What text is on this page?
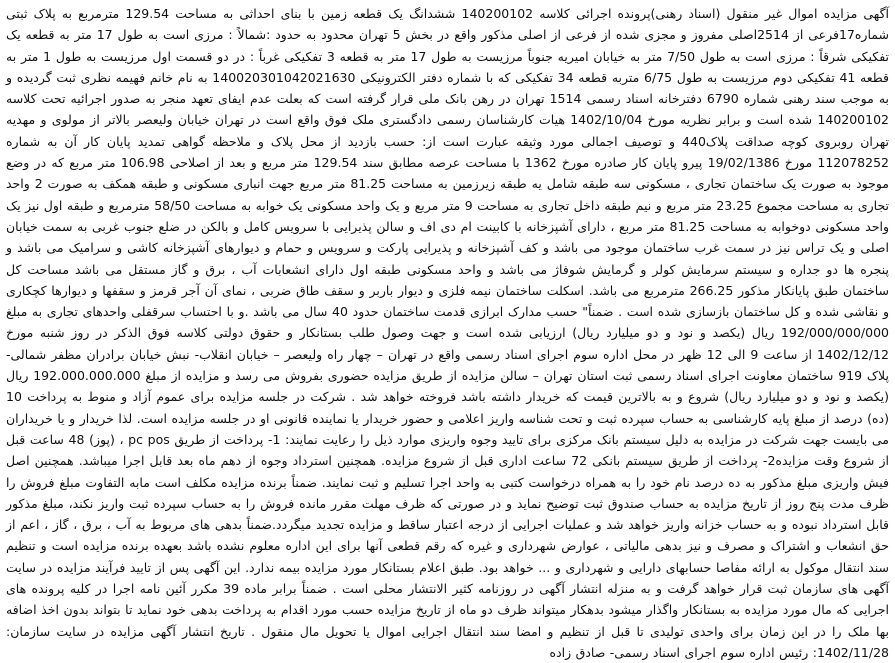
آگهی مزایده اموال غیر منقول (اسناد رهنی)پرونده اجرائی کلاسه 140200102 ششدانگ یک قطعه زمین با بنای احداثی به مساحت 129.54 مترمربع به پلاک ثبتی شماره17فرعی از 2514اصلی مفروز و مجزی شده از فرعی از اصلی مذکور واقع در بخش 5 تهران محدود به حدود :شمالاً : مرزی است به طول 17 متر به قطعه یک تفکیکی شرقاً : مرزی است به طول 7/50 متر به خیابان امیریه جنوباً مرزیست به طول 17 متر به قطعه 3 تفکیکی غرباً : در دو قسمت اول مرزیست به طول 1 متر به قطعه 41 تفکیکی دوم مرزیست به طول 6/75 متربه قطعه 34 تفکیکی که با شماره دفتر الکترونیکی 140020301042021630 به نام خانم فهیمه نظری ثبت گردیده و به موجب سند رهنی شماره 6790 دفترخانه اسناد رسمی 1514 تهران در رهن بانک ملی قرار گرفته است که بعلت عدم ایفای تعهد منجر به صدور اجرائیه تحت کلاسه 140200102 شده است و برابر نظریه مورخ 1402/10/04 هیات کارشناسان رسمی دادگستری ملک فوق واقع است در تهران خیابان ولیعصر بالاتر از مولوی و مهدیه تهران روبروی کوچه صداقت پلاک440 و توصیف اجمالی مورد وثیقه عبارت است از: حسب بازدید از محل پلاک و ملاحظه گواهی تمدید پایان کار آن به شماره 112078252 مورخ 19/02/1386 پیرو پایان کار صادره مورخ 1362 با مساحت عرصه مطابق سند 129.54 متر مربع و بعد از اصلاحی 106.98 متر مربع که در وضع موجود به صورت یک ساختمان تجاری ، مسکونی سه طبقه شامل یه طبقه زیرزمین به مساحت 81.25 متر مربع جهت انباری مسکونی و طبقه همکف به صورت 2 واحد تجاری به مساحت مجموع 23.25 متر مربع و نیم طبقه داخل تجاری به مساحت 9 متر مربع و یک واحد مسکونی یک خوابه به مساحت 58/50 مترمربع و طبقه اول نیز یک واحد مسکونی دوخوابه به مساحت 81.25 متر مربع ، دارای آشپزخانه با کابینت ام دی اف و سالن پذیرایی با سرویس کامل و بالکن در ضلع جنوب غربی به سمت خیابان اصلی و یک تراس نیز در سمت غرب ساختمان موجود می باشد و کف آشپزخانه و پذیرایی پارکت و سرویس و حمام و دیوارهای آشپزخانه کاشی و سرامیک می باشد و پنجره ها دو جداره و سیستم سرمایش کولر و گرمایش شوفاژ می باشد و واحد مسکونی طبقه اول دارای انشعابات آب ، برق و گاز مستقل می باشد مساحت کل ساختمان طبق پایانکار مذکور 266.25 مترمربع می باشد. اسکلت ساختمان نیمه فلزی و دیوار باربر و سقف طاق ضربی ، نمای آن آجر قرمز و سقفها و دیوارها کچکاری و نقاشی شده و کل ساختمان بازسازی شده است . ضمناً" حسب مدارک ابرازی قدمت ساختمان حدود 40 سال می باشد .و با احتساب سرقفلی واحدهای تجاری به مبلغ 192/000/000/000 ریال (یکصد و نود و دو میلیارد ریال) ارزیابی شده است و جهت وصول طلب بستانکار و حقوق دولتی کلاسه فوق الذکر در روز شنبه مورخ 1402/12/12 از ساعت 9 الی 12 ظهر در محل اداره سوم اجرای اسناد رسمی واقع در تهران – چهار راه ولیعصر – خیابان انقلاب- نبش خیابان برادران مظفر شمالی- پلاک 919 ساختمان معاونت اجرای اسناد رسمی ثبت استان تهران – سالن مزایده از طریق مزایده حضوری بفروش می رسد و مزایده از مبلغ 192.000.000.000 ریال (یکصد و نود و دو میلیارد ریال) شروع و به بالاترین قیمت که خریدار داشته باشد فروخته خواهد شد . شرکت در جلسه مزایده برای عموم آزاد و منوط به پرداخت 10 (ده) درصد از مبلغ پایه کارشناسی به حساب سپرده ثبت و تحت شناسه واریز اعلامی و حضور خریدار یا نماینده قانونی او در جلسه مزایده است. لذا خریدار و یا خریداران می بایست جهت شرکت در مزایده به دلیل سیستم بانک مرکزی برای تایید وجوه واریزی موارد ذیل را رعایت نمایند: 1- پرداخت از طریق pc pos ، (پوز) 48 ساعت قبل از شروع وقت مزایده2- پرداخت از طریق سیستم بانکی 72 ساعت اداری قبل از شروع مزایده. همچنین استرداد وجوه از دهم ماه بعد قابل اجرا میباشد. همچنین اصل فیش واریزی مبلغ مذکور به ده درصد نام خود را به همراه درخواست کتبی به واحد اجرا تسلیم و ثبت نمایند. ضمناً برنده مزایده مکلف است مابه التفاوت مبلغ فروش را ظرف مدت پنج روز از تاریخ مزایده به حساب صندوق ثبت توضیح نماید و در صورتی که ظرف مهلت مقرر مانده فروش را به حساب سپرده ثبت واریز نکند، مبلغ مذکور قابل استرداد نبوده و به حساب خزانه واریز خواهد شد و عملیات اجرایی از درجه اعتبار ساقط و مزایده تجدید میگردد.ضمناً بدهی های مربوط به آب ، برق ، گاز ، اعم از حق انشعاب و اشتراک و مصرف و نیز بدهی مالیاتی ، عوارض شهرداری و غیره که رقم قطعی آنها برای این اداره معلوم نشده باشد بعهده برنده مزایده است و تنظیم سند انتقال موکول به ارائه مفاصا حسابهای دارایی و شهرداری و ... خواهد بود. طبق اعلام بستانکار مورد مزایده بیمه ندارد. این آگهی پس از تایید فرآیند مزایده در سایت آگهی های سازمان ثبت قرار خواهد گرفت و به منزله انتشار آگهی در روزنامه کثیر الانتشار محلی است . ضمناً برابر ماده 39 مکرر آئین نامه اجرا در کلیه پرونده های اجرایی که مال مورد مزایده به بستانکار واگذار میشود بدهکار میتواند ظرف دو ماه از تاریخ مزایده حسب مورد اقدام به پرداخت بدهی خود نماید تا بتواند بدون اخذ اضافه بها ملک را در این زمان برای واحدی تولیدی تا قبل از تنظیم و امضا سند انتقال اجرایی اموال یا تحویل مال منقول . تاریخ انتشار آگهی مزایده در سایت سازمان: 1402/11/28: رئیس اداره سوم اجرای اسناد رسمی- صادق زاده
